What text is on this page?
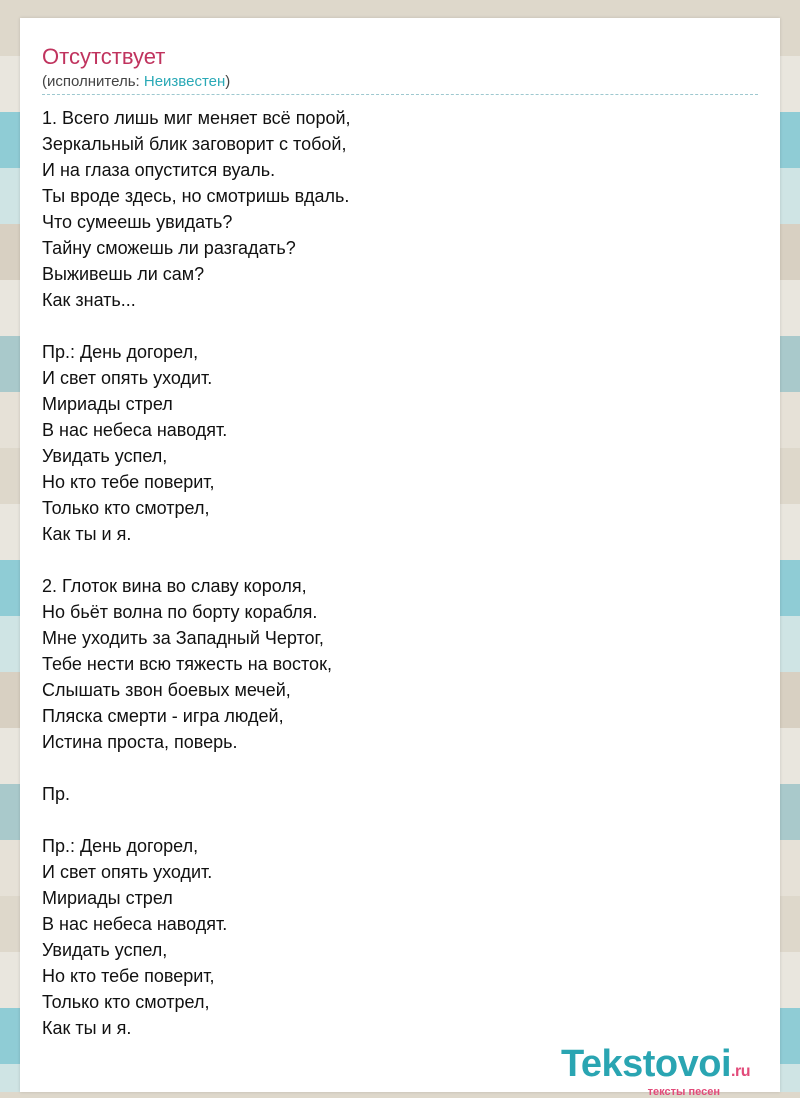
Отсутствует
(исполнитель: Неизвестен)
1. Всего лишь миг меняет всё порой,
Зеркальный блик заговорит с тобой,
И на глаза опустится вуаль.
Ты вроде здесь, но смотришь вдаль.
Что сумеешь увидать?
Тайну сможешь ли разгадать?
Выживешь ли сам?
Как знать...
Пр.: День догорел,
И свет опять уходит.
Мириады стрел
В нас небеса наводят.
Увидать успел,
Но кто тебе поверит,
Только кто смотрел,
Как ты и я.
2. Глоток вина во славу короля,
Но бьёт волна по борту корабля.
Мне уходить за Западный Чертог,
Тебе нести всю тяжесть на восток,
Слышать звон боевых мечей,
Пляска смерти - игра людей,
Истина проста, поверь.
Пр.
Пр.: День догорел,
И свет опять уходит.
Мириады стрел
В нас небеса наводят.
Увидать успел,
Но кто тебе поверит,
Только кто смотрел,
Как ты и я.
Tekstovoi.ru
тексты песен
